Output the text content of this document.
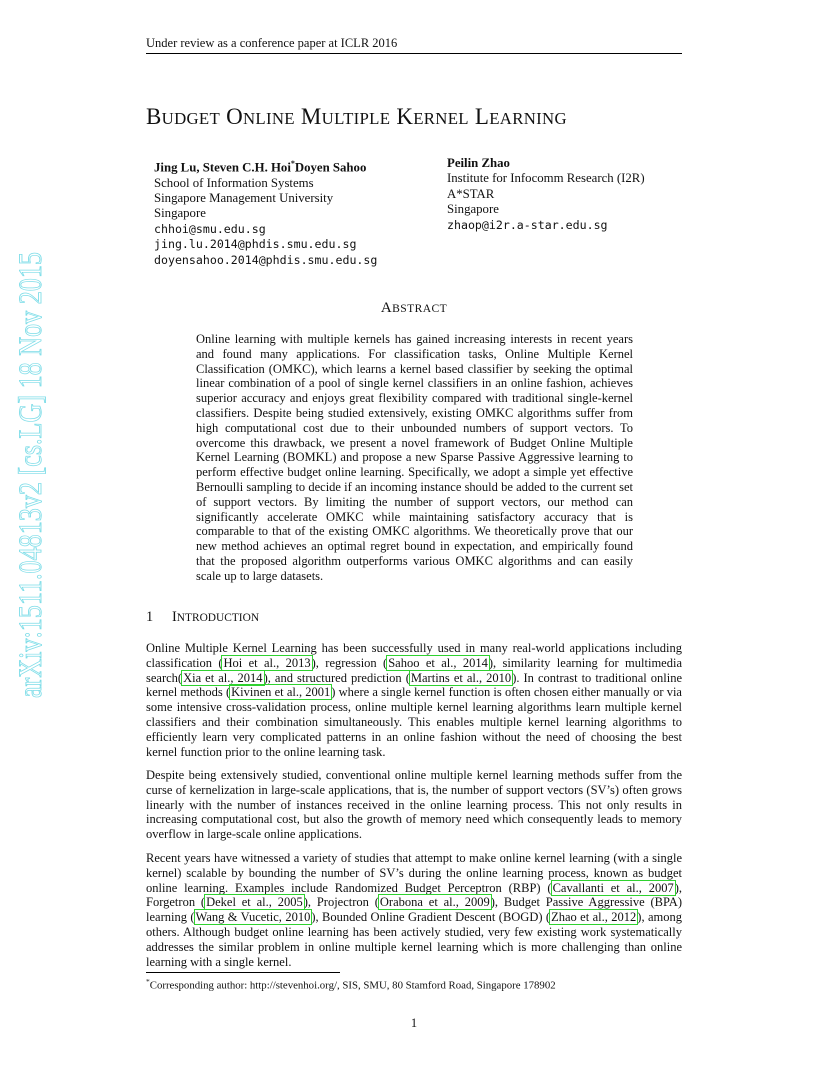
Under review as a conference paper at ICLR 2016
arXiv:1511.04813v2 [cs.LG] 18 Nov 2015
BUDGET ONLINE MULTIPLE KERNEL LEARNING
Jing Lu, Steven C.H. Hoi*Doyen Sahoo
School of Information Systems
Singapore Management University
Singapore
chhoi@smu.edu.sg
jing.lu.2014@phdis.smu.edu.sg
doyensahoo.2014@phdis.smu.edu.sg
Peilin Zhao
Institute for Infocomm Research (I2R)
A*STAR
Singapore
zhaop@i2r.a-star.edu.sg
ABSTRACT
Online learning with multiple kernels has gained increasing interests in recent years and found many applications. For classification tasks, Online Multiple Kernel Classification (OMKC), which learns a kernel based classifier by seeking the optimal linear combination of a pool of single kernel classifiers in an online fashion, achieves superior accuracy and enjoys great flexibility compared with traditional single-kernel classifiers. Despite being studied extensively, existing OMKC algorithms suffer from high computational cost due to their unbounded numbers of support vectors. To overcome this drawback, we present a novel framework of Budget Online Multiple Kernel Learning (BOMKL) and propose a new Sparse Passive Aggressive learning to perform effective budget online learning. Specifically, we adopt a simple yet effective Bernoulli sampling to decide if an incoming instance should be added to the current set of support vectors. By limiting the number of support vectors, our method can significantly accelerate OMKC while maintaining satisfactory accuracy that is comparable to that of the existing OMKC algorithms. We theoretically prove that our new method achieves an optimal regret bound in expectation, and empirically found that the proposed algorithm outperforms various OMKC algorithms and can easily scale up to large datasets.
1 INTRODUCTION
Online Multiple Kernel Learning has been successfully used in many real-world applications including classification (Hoi et al., 2013), regression (Sahoo et al., 2014), similarity learning for multimedia search(Xia et al., 2014), and structured prediction (Martins et al., 2010). In contrast to traditional online kernel methods (Kivinen et al., 2001) where a single kernel function is often chosen either manually or via some intensive cross-validation process, online multiple kernel learning algorithms learn multiple kernel classifiers and their combination simultaneously. This enables multiple kernel learning algorithms to efficiently learn very complicated patterns in an online fashion without the need of choosing the best kernel function prior to the online learning task.
Despite being extensively studied, conventional online multiple kernel learning methods suffer from the curse of kernelization in large-scale applications, that is, the number of support vectors (SV’s) often grows linearly with the number of instances received in the online learning process. This not only results in increasing computational cost, but also the growth of memory need which consequently leads to memory overflow in large-scale online applications.
Recent years have witnessed a variety of studies that attempt to make online kernel learning (with a single kernel) scalable by bounding the number of SV’s during the online learning process, known as budget online learning. Examples include Randomized Budget Perceptron (RBP) (Cavallanti et al., 2007), Forgetron (Dekel et al., 2005), Projectron (Orabona et al., 2009), Budget Passive Aggressive (BPA) learning (Wang & Vucetic, 2010), Bounded Online Gradient Descent (BOGD) (Zhao et al., 2012), among others. Although budget online learning has been actively studied, very few existing work systematically addresses the similar problem in online multiple kernel learning which is more challenging than online learning with a single kernel.
*Corresponding author: http://stevenhoi.org/, SIS, SMU, 80 Stamford Road, Singapore 178902
1
